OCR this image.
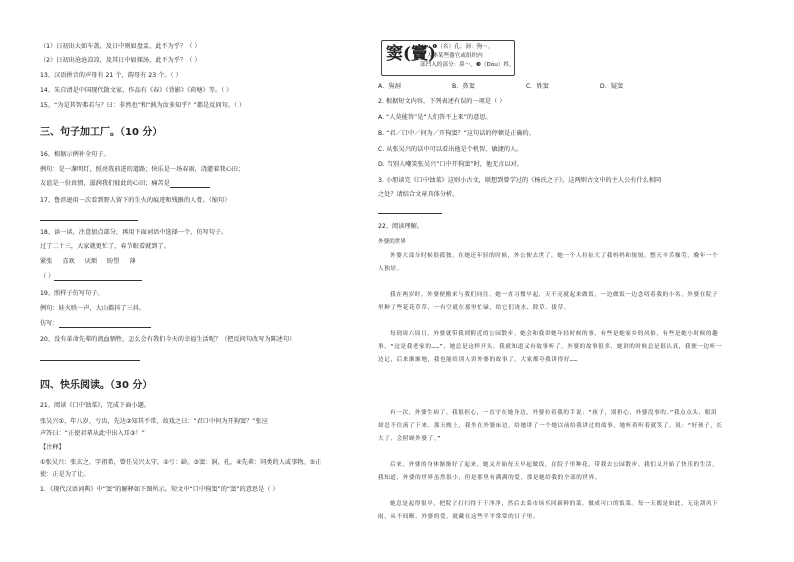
（1）日初出大如车盖，及日中则如盘盂，此不为乎？（ ）
（2）日初出沧沧凉凉，及其日中如探汤，此不为乎？（ ）
13、汉语拼音的声母有 21 个，韵母有 23 个。（ ）
14、朱自清是中国现代散文家，作品有《春》《背影》《荷塘》等。（ ）
15、“为是其智弗若与？曰：非然也”和“孰为汝多知乎？”都是反问句。（ ）
三、句子加工厂。（10 分）
16、根据示例补全句子。
例句：是一盏明灯，照亮我前进的道路；快乐是一场春雨，浇灌着我心田；
友谊是一份真情，滋润我们彼此的心田；痛苦是
17、鲁滨逊用一次看到野人留下的生火的痕迹和残骸的人骨。（缩句）
18、读一读，注意加点部分，再用下面词语中选择一个，仿写句子。
过了二十三，大家就更忙了，春节眼看就到了。
紧张 喜欢 厌烦 盼望 薄
（ ）
19、照样子仿写句子。
例句：娃火哄一声，大山都抖了三抖。
仿写：
20、没有革命先辈的流血牺牲，怎么会有我们今天的幸福生活呢？（把反问句改写为陈述句）
四、快乐阅读。（30 分）
21、阅读《口中蚀菜》，完成下面小题。
张吴兴①，年八岁，亏齿，先达②知其不常，故戏之曰：“君口中何为开狗窦？”张应
声答曰：“正使君辈从此中出入耳③！”
【注释】
①张吴兴：张玄之，字祖希，曾任吴兴太守。②亏：缺。③窦：洞，孔。④先辈：同类的人或事物。⑤正
使：正是为了让。
1．《现代汉语词典》中“窦”的解释如下图所示。短文中“口中狗窦”的“窦”的意思是（ ）
窦(竇)
dòu ❶（名）孔；洞：狗～。
❷ 人体某些器官或组织内
部凹入的部分：鼻～。❸（Dòu）姓。
A．狗洞	B．鼻窦	C．姓窦	D．疑窦
2. 根据短文内容，下列表述有误的一项是（ ）
A. “人莫能答”是“人们答不上来”的意思。
B. “君／口中／何为／开狗窦？”这句话的停顿是正确的。
C. 从张吴兴的话中可以看出他是个机智、敏捷的人。
D. 当别人嘲笑张吴兴“口中开狗窦”时，他无言以对。
3. 小朋读完《口中蚀菜》这则小古文，联想到曾学过的《杨氏之子》，这两则古文中的主人公有什么相同
之处？请结合文章具体分析。
22、阅读理解。
外婆的世界
外婆大部分时候很孤独。在她还年轻的时候，外公便去世了，她一个人拉扯大了我妈妈和舅舅，整天辛苦操劳，晚年一个人独居。
我在两岁时，外婆便搬来与我们同住。她一直习惯早起，天不亮就起来做饭，一边做饭一边念叨着我的小名。外婆在院子里种了些花花草草，一有空就在那里忙碌，给它们浇水、除草、拔草。
每到周六周日，外婆就带我到附近的公园散步。她会和我讲她年轻时候的事，有些是她家乡的风俗，有些是她小时候的趣事。“这是我老家的……”，她总是这样开头，我就知道又有故事听了。外婆的故事很多，她讲的时候总是很认真，我便一边听一边记，后来渐渐地，我也能给别人讲外婆的故事了，大家都夸我讲得好……
有一次，外婆生病了。我很担心，一直守在她身边。外婆拉着我的手说：“孩子，别担心，外婆没事的。”我点点头，眼泪却忍不住流了下来。那天晚上，我坐在外婆床边，给她讲了一个她以前给我讲过的故事，她听着听着就笑了，说：“好孩子，长大了，会照顾外婆了。”
后来，外婆的身体渐渐好了起来。她又开始每天早起做饭，在院子里种花，带我去公园散步。我们又开始了快乐的生活。我知道，外婆的世界虽然很小，但是那里有满满的爱，那是她给我的全部的世界。
她总是起得很早，把院子打扫得干干净净，然后去菜市场买回新鲜的菜，做成可口的饭菜。每一天都是如此，无论刮风下雨，从不间断。外婆的爱，就藏在这些平平常常的日子里。
